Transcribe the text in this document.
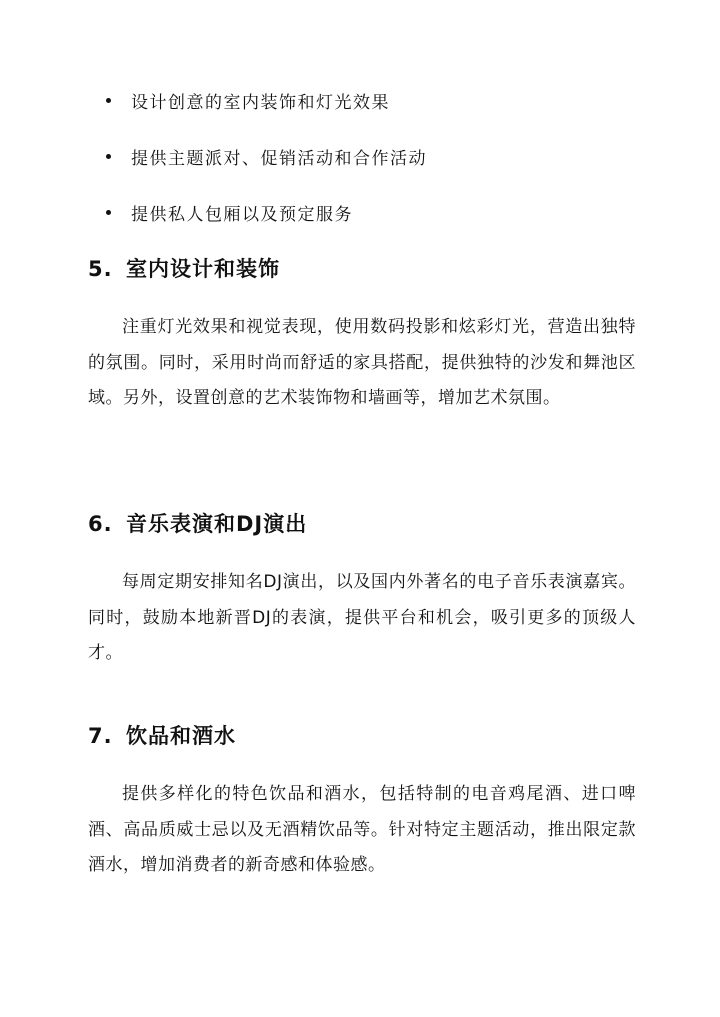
设计创意的室内装饰和灯光效果
提供主题派对、促销活动和合作活动
提供私人包厢以及预定服务
5. 室内设计和装饰
注重灯光效果和视觉表现，使用数码投影和炫彩灯光，营造出独特的氛围。同时，采用时尚而舒适的家具搭配，提供独特的沙发和舞池区域。另外，设置创意的艺术装饰物和墙画等，增加艺术氛围。
6. 音乐表演和DJ演出
每周定期安排知名DJ演出，以及国内外著名的电子音乐表演嘉宾。同时，鼓励本地新晋DJ的表演，提供平台和机会，吸引更多的顶级人才。
7. 饮品和酒水
提供多样化的特色饮品和酒水，包括特制的电音鸡尾酒、进口啤酒、高品质威士忌以及无酒精饮品等。针对特定主题活动，推出限定款酒水，增加消费者的新奇感和体验感。
